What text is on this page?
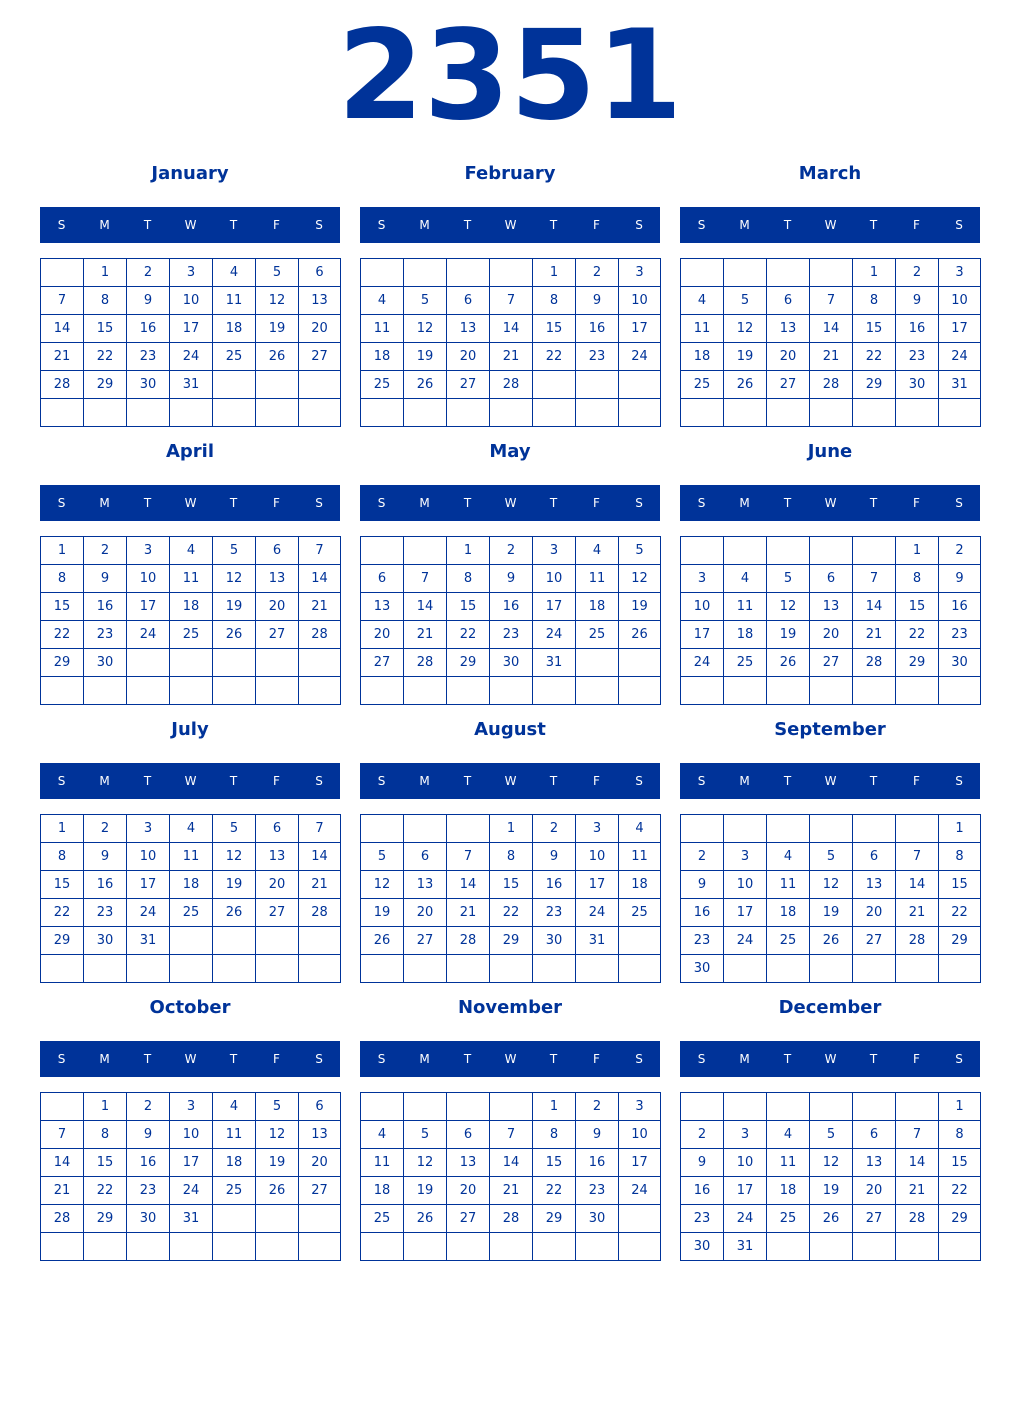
2351
January
S	M	T	W	T	F	S
	1	2	3	4	5	6
7	8	9	10	11	12	13
14	15	16	17	18	19	20
21	22	23	24	25	26	27
28	29	30	31			

February
S	M	T	W	T	F	S
				1	2	3
4	5	6	7	8	9	10
11	12	13	14	15	16	17
18	19	20	21	22	23	24
25	26	27	28			

March
S	M	T	W	T	F	S
				1	2	3
4	5	6	7	8	9	10
11	12	13	14	15	16	17
18	19	20	21	22	23	24
25	26	27	28	29	30	31

April
S	M	T	W	T	F	S
1	2	3	4	5	6	7
8	9	10	11	12	13	14
15	16	17	18	19	20	21
22	23	24	25	26	27	28
29	30					

May
S	M	T	W	T	F	S
		1	2	3	4	5
6	7	8	9	10	11	12
13	14	15	16	17	18	19
20	21	22	23	24	25	26
27	28	29	30	31		

June
S	M	T	W	T	F	S
					1	2
3	4	5	6	7	8	9
10	11	12	13	14	15	16
17	18	19	20	21	22	23
24	25	26	27	28	29	30

July
S	M	T	W	T	F	S
1	2	3	4	5	6	7
8	9	10	11	12	13	14
15	16	17	18	19	20	21
22	23	24	25	26	27	28
29	30	31				

August
S	M	T	W	T	F	S
			1	2	3	4
5	6	7	8	9	10	11
12	13	14	15	16	17	18
19	20	21	22	23	24	25
26	27	28	29	30	31	

September
S	M	T	W	T	F	S
						1
2	3	4	5	6	7	8
9	10	11	12	13	14	15
16	17	18	19	20	21	22
23	24	25	26	27	28	29
30						
October
S	M	T	W	T	F	S
	1	2	3	4	5	6
7	8	9	10	11	12	13
14	15	16	17	18	19	20
21	22	23	24	25	26	27
28	29	30	31			

November
S	M	T	W	T	F	S
				1	2	3
4	5	6	7	8	9	10
11	12	13	14	15	16	17
18	19	20	21	22	23	24
25	26	27	28	29	30	

December
S	M	T	W	T	F	S
						1
2	3	4	5	6	7	8
9	10	11	12	13	14	15
16	17	18	19	20	21	22
23	24	25	26	27	28	29
30	31					
